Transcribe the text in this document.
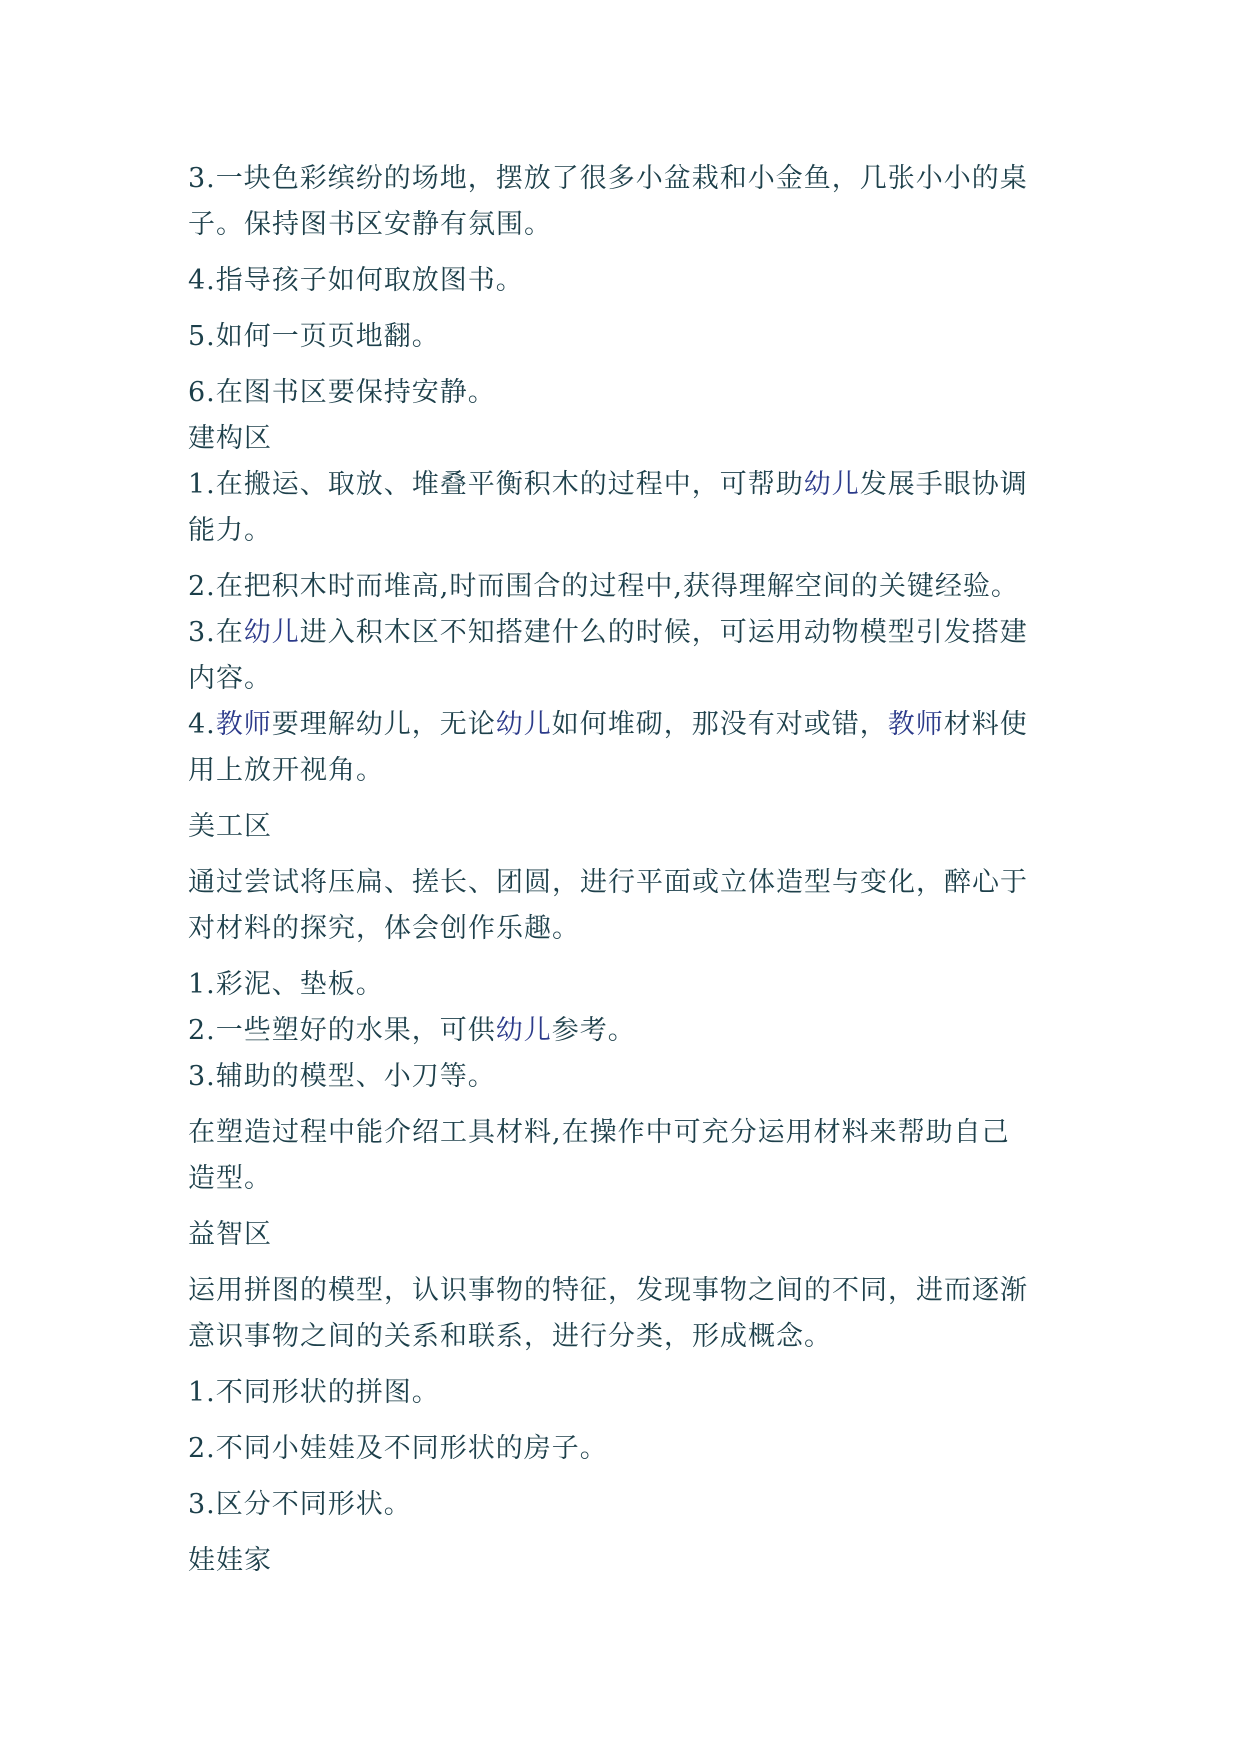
3.一块色彩缤纷的场地，摆放了很多小盆栽和小金鱼，几张小小的桌
子。保持图书区安静有氛围。
4.指导孩子如何取放图书。
5.如何一页页地翻。
6.在图书区要保持安静。
建构区
1.在搬运、取放、堆叠平衡积木的过程中，可帮助幼儿发展手眼协调
能力。
2.在把积木时而堆高,时而围合的过程中,获得理解空间的关键经验。
3.在幼儿进入积木区不知搭建什么的时候，可运用动物模型引发搭建
内容。
4.教师要理解幼儿，无论幼儿如何堆砌，那没有对或错，教师材料使
用上放开视角。
美工区
通过尝试将压扁、搓长、团圆，进行平面或立体造型与变化，醉心于
对材料的探究，体会创作乐趣。
1.彩泥、垫板。
2.一些塑好的水果，可供幼儿参考。
3.辅助的模型、小刀等。
在塑造过程中能介绍工具材料,在操作中可充分运用材料来帮助自己
造型。
益智区
运用拼图的模型，认识事物的特征，发现事物之间的不同，进而逐渐
意识事物之间的关系和联系，进行分类，形成概念。
1.不同形状的拼图。
2.不同小娃娃及不同形状的房子。
3.区分不同形状。
娃娃家
